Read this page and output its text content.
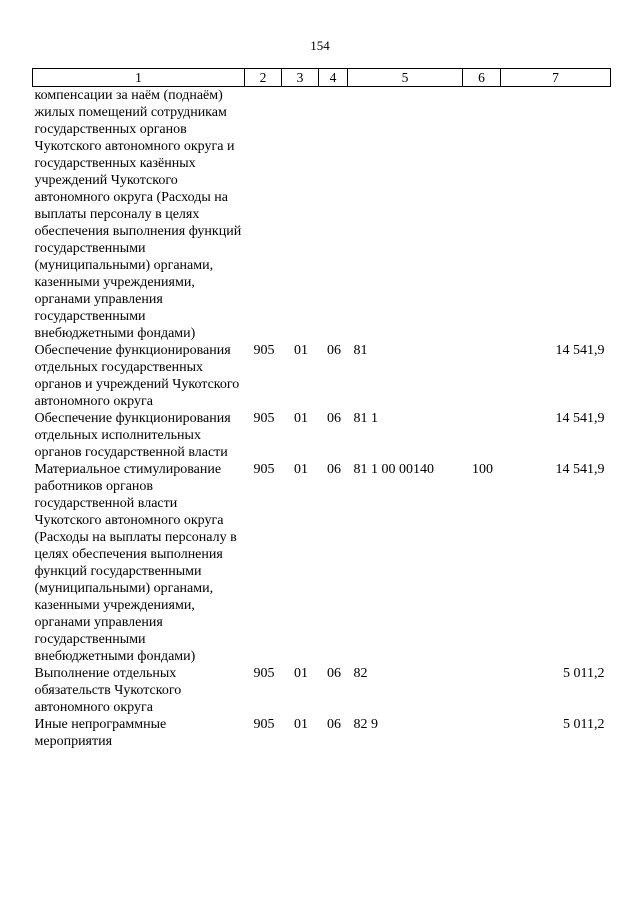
154
1	2	3	4	5	6	7
компенсации за наём (поднаём) жилых помещений сотрудникам государственных органов Чукотского автономного округа и государственных казённых учреждений Чукотского автономного округа (Расходы на выплаты персоналу в целях обеспечения выполнения функций государственными (муниципальными) органами, казенными учреждениями, органами управления государственными внебюджетными фондами)						
Обеспечение функционирования отдельных государственных органов и учреждений Чукотского автономного округа	905	01	06	81		14 541,9
Обеспечение функционирования отдельных исполнительных органов государственной власти	905	01	06	81 1		14 541,9
Материальное стимулирование работников органов государственной власти Чукотского автономного округа (Расходы на выплаты персоналу в целях обеспечения выполнения функций государственными (муниципальными) органами, казенными учреждениями, органами управления государственными внебюджетными фондами)	905	01	06	81 1 00 00140	100	14 541,9
Выполнение отдельных обязательств Чукотского автономного округа	905	01	06	82		5 011,2
Иные непрограммные мероприятия	905	01	06	82 9		5 011,2
